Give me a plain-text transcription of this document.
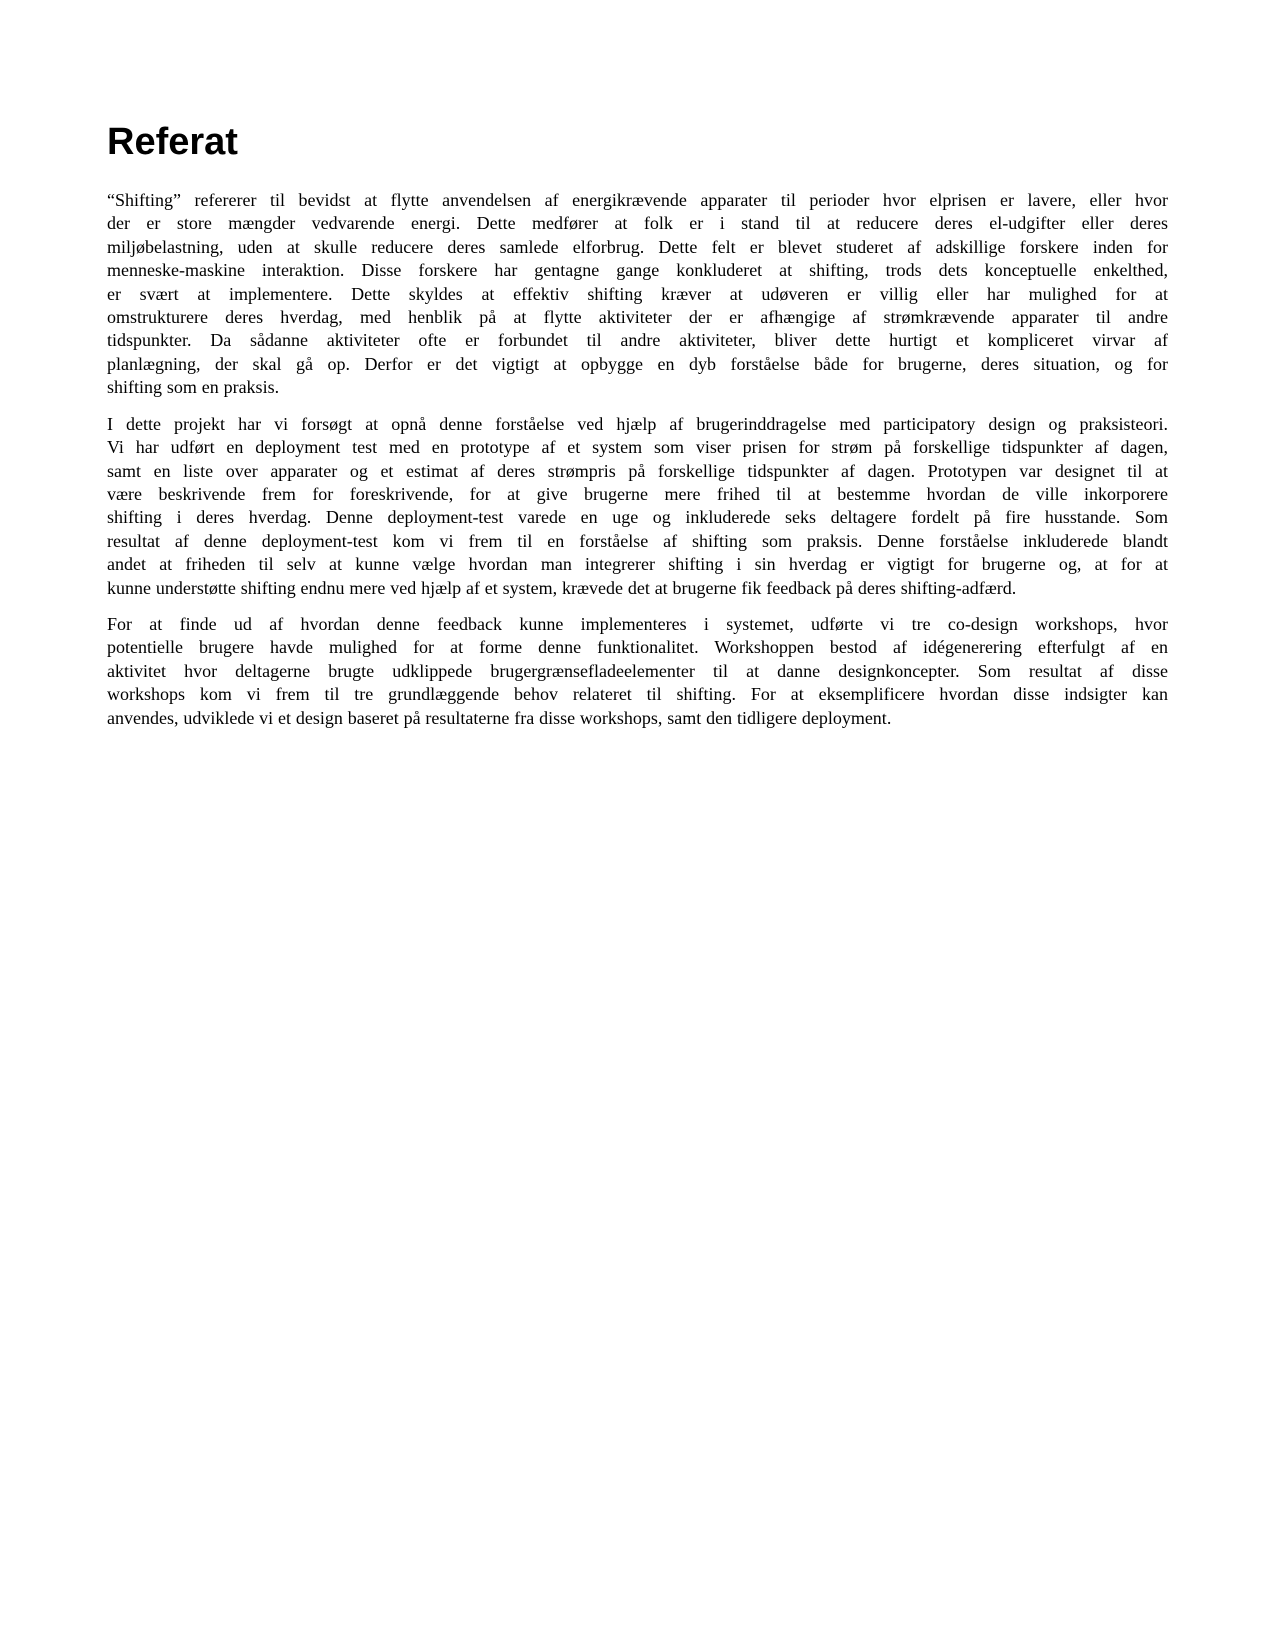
Referat
“Shifting” refererer til bevidst at flytte anvendelsen af energikrævende apparater til perioder hvor elprisen er lavere, eller hvor
der er store mængder vedvarende energi. Dette medfører at folk er i stand til at reducere deres el-udgifter eller deres
miljøbelastning, uden at skulle reducere deres samlede elforbrug. Dette felt er blevet studeret af adskillige forskere inden for
menneske-maskine interaktion. Disse forskere har gentagne gange konkluderet at shifting, trods dets konceptuelle enkelthed,
er svært at implementere. Dette skyldes at effektiv shifting kræver at udøveren er villig eller har mulighed for at
omstrukturere deres hverdag, med henblik på at flytte aktiviteter der er afhængige af strømkrævende apparater til andre
tidspunkter. Da sådanne aktiviteter ofte er forbundet til andre aktiviteter, bliver dette hurtigt et kompliceret virvar af
planlægning, der skal gå op. Derfor er det vigtigt at opbygge en dyb forståelse både for brugerne, deres situation, og for
shifting som en praksis.
I dette projekt har vi forsøgt at opnå denne forståelse ved hjælp af brugerinddragelse med participatory design og praksisteori.
Vi har udført en deployment test med en prototype af et system som viser prisen for strøm på forskellige tidspunkter af dagen,
samt en liste over apparater og et estimat af deres strømpris på forskellige tidspunkter af dagen. Prototypen var designet til at
være beskrivende frem for foreskrivende, for at give brugerne mere frihed til at bestemme hvordan de ville inkorporere
shifting i deres hverdag. Denne deployment-test varede en uge og inkluderede seks deltagere fordelt på fire husstande. Som
resultat af denne deployment-test kom vi frem til en forståelse af shifting som praksis. Denne forståelse inkluderede blandt
andet at friheden til selv at kunne vælge hvordan man integrerer shifting i sin hverdag er vigtigt for brugerne og, at for at
kunne understøtte shifting endnu mere ved hjælp af et system, krævede det at brugerne fik feedback på deres shifting-adfærd.
For at finde ud af hvordan denne feedback kunne implementeres i systemet, udførte vi tre co-design workshops, hvor
potentielle brugere havde mulighed for at forme denne funktionalitet. Workshoppen bestod af idégenerering efterfulgt af en
aktivitet hvor deltagerne brugte udklippede brugergrænsefladeelementer til at danne designkoncepter. Som resultat af disse
workshops kom vi frem til tre grundlæggende behov relateret til shifting. For at eksemplificere hvordan disse indsigter kan
anvendes, udviklede vi et design baseret på resultaterne fra disse workshops, samt den tidligere deployment.
